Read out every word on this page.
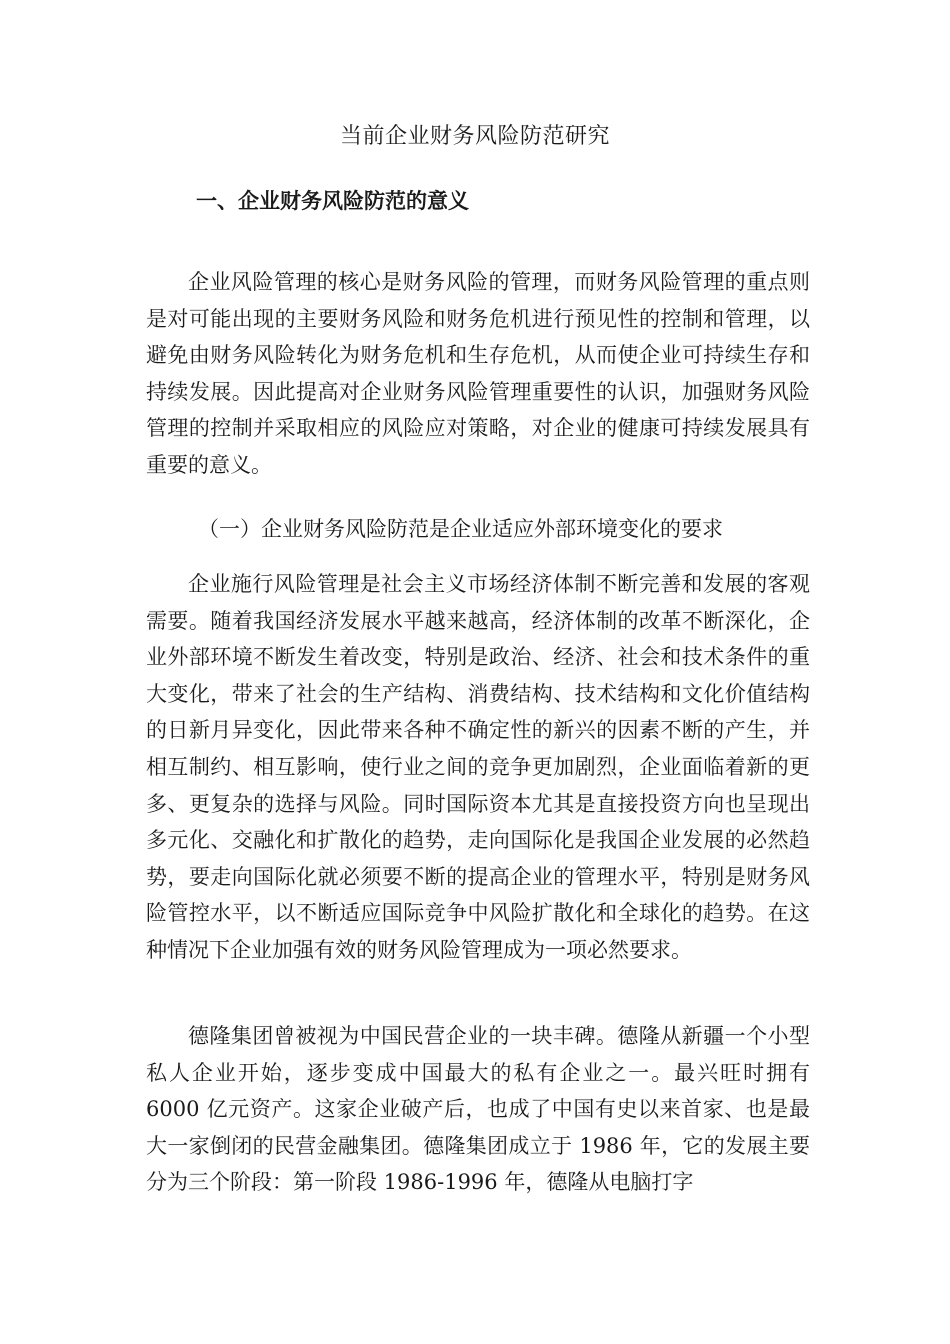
当前企业财务风险防范研究
一、企业财务风险防范的意义

企业风险管理的核心是财务风险的管理，而财务风险管理的重点则是对可能出现的主要财务风险和财务危机进行预见性的控制和管理，以避免由财务风险转化为财务危机和生存危机，从而使企业可持续生存和持续发展。因此提高对企业财务风险管理重要性的认识，加强财务风险管理的控制并采取相应的风险应对策略，对企业的健康可持续发展具有重要的意义。

（一）企业财务风险防范是企业适应外部环境变化的要求

企业施行风险管理是社会主义市场经济体制不断完善和发展的客观需要。随着我国经济发展水平越来越高，经济体制的改革不断深化，企业外部环境不断发生着改变，特别是政治、经济、社会和技术条件的重大变化，带来了社会的生产结构、消费结构、技术结构和文化价值结构的日新月异变化，因此带来各种不确定性的新兴的因素不断的产生，并相互制约、相互影响，使行业之间的竞争更加剧烈，企业面临着新的更多、更复杂的选择与风险。同时国际资本尤其是直接投资方向也呈现出多元化、交融化和扩散化的趋势，走向国际化是我国企业发展的必然趋势，要走向国际化就必须要不断的提高企业的管理水平，特别是财务风险管控水平，以不断适应国际竞争中风险扩散化和全球化的趋势。在这种情况下企业加强有效的财务风险管理成为一项必然要求。

德隆集团曾被视为中国民营企业的一块丰碑。德隆从新疆一个小型私人企业开始，逐步变成中国最大的私有企业之一。最兴旺时拥有 6000 亿元资产。这家企业破产后，也成了中国有史以来首家、也是最大一家倒闭的民营金融集团。德隆集团成立于 1986 年，它的发展主要分为三个阶段：第一阶段 1986-1996 年，德隆从电脑打字
